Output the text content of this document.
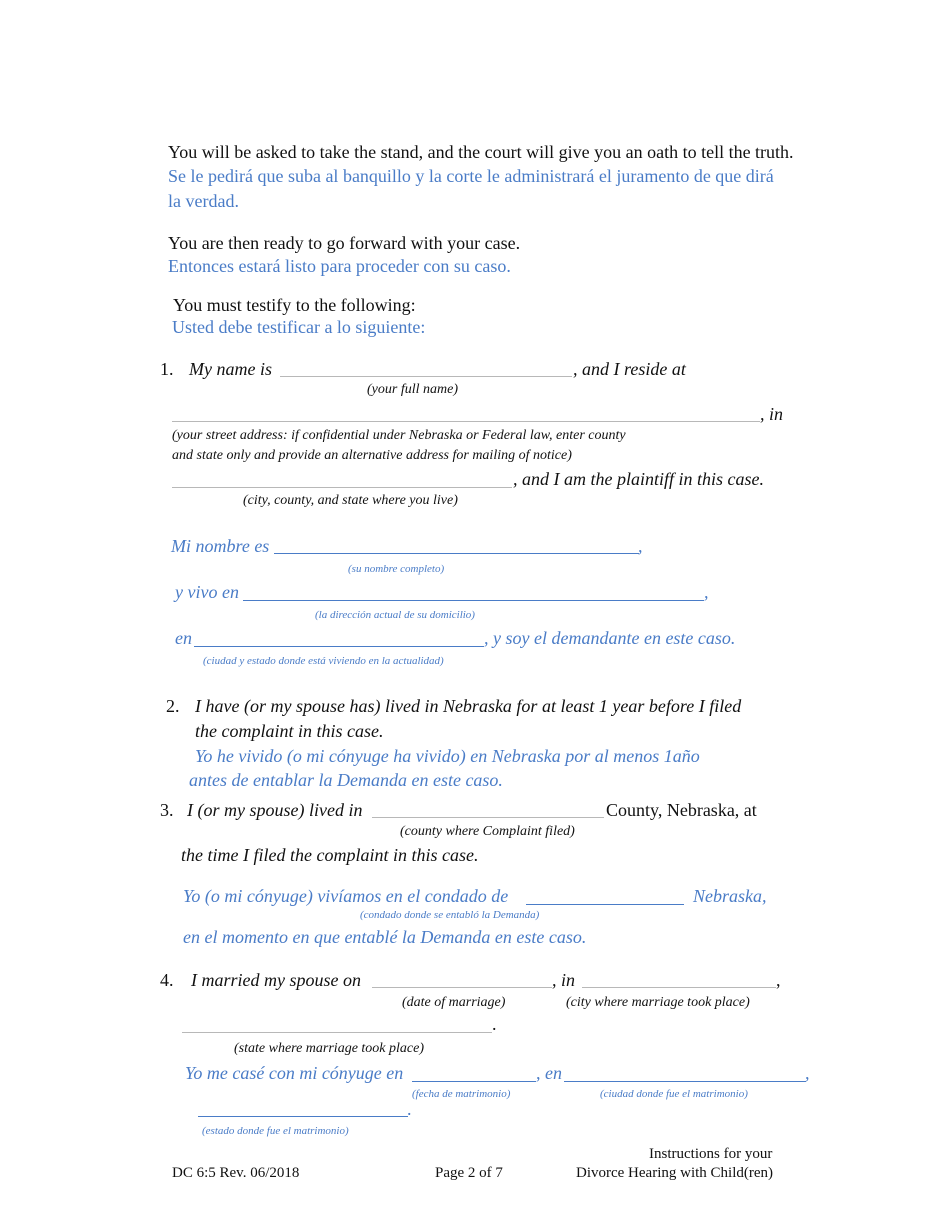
You will be asked to take the stand, and the court will give you an oath to tell the truth.
Se le pedirá que suba al banquillo y la corte le administrará el juramento de que dirá
la verdad.
You are then ready to go forward with your case.
Entonces estará listo para proceder con su caso.
You must testify to the following:
Usted debe testificar a lo siguiente:
1. My name is	, and I reside at
(your full name)
, in
(your street address: if confidential under Nebraska or Federal law, enter county
and state only and provide an alternative address for mailing of notice)
, and I am the plaintiff in this case.
(city, county, and state where you live)
Mi nombre es	,
(su nombre completo)
y vivo en	,
(la dirección actual de su domicilio)
en	, y soy el demandante en este caso.
(ciudad y estado donde está viviendo en la actualidad)
2. I have (or my spouse has) lived in Nebraska for at least 1 year before I filed
the complaint in this case.
Yo he vivido (o mi cónyuge ha vivido) en Nebraska por al menos 1año
antes de entablar la Demanda en este caso.
3. I (or my spouse) lived in	County, Nebraska, at
(county where Complaint filed)
the time I filed the complaint in this case.
Yo (o mi cónyuge) vivíamos en el condado de	Nebraska,
(condado donde se entabló la Demanda)
en el momento en que entablé la Demanda en este caso.
4. I married my spouse on	, in	,
(date of marriage)	(city where marriage took place)
.
(state where marriage took place)
Yo me casé con mi cónyuge en	, en	,
(fecha de matrimonio)	(ciudad donde fue el matrimonio)
.
(estado donde fue el matrimonio)
Instructions for your
DC 6:5 Rev. 06/2018	Page 2 of 7	Divorce Hearing with Child(ren)
